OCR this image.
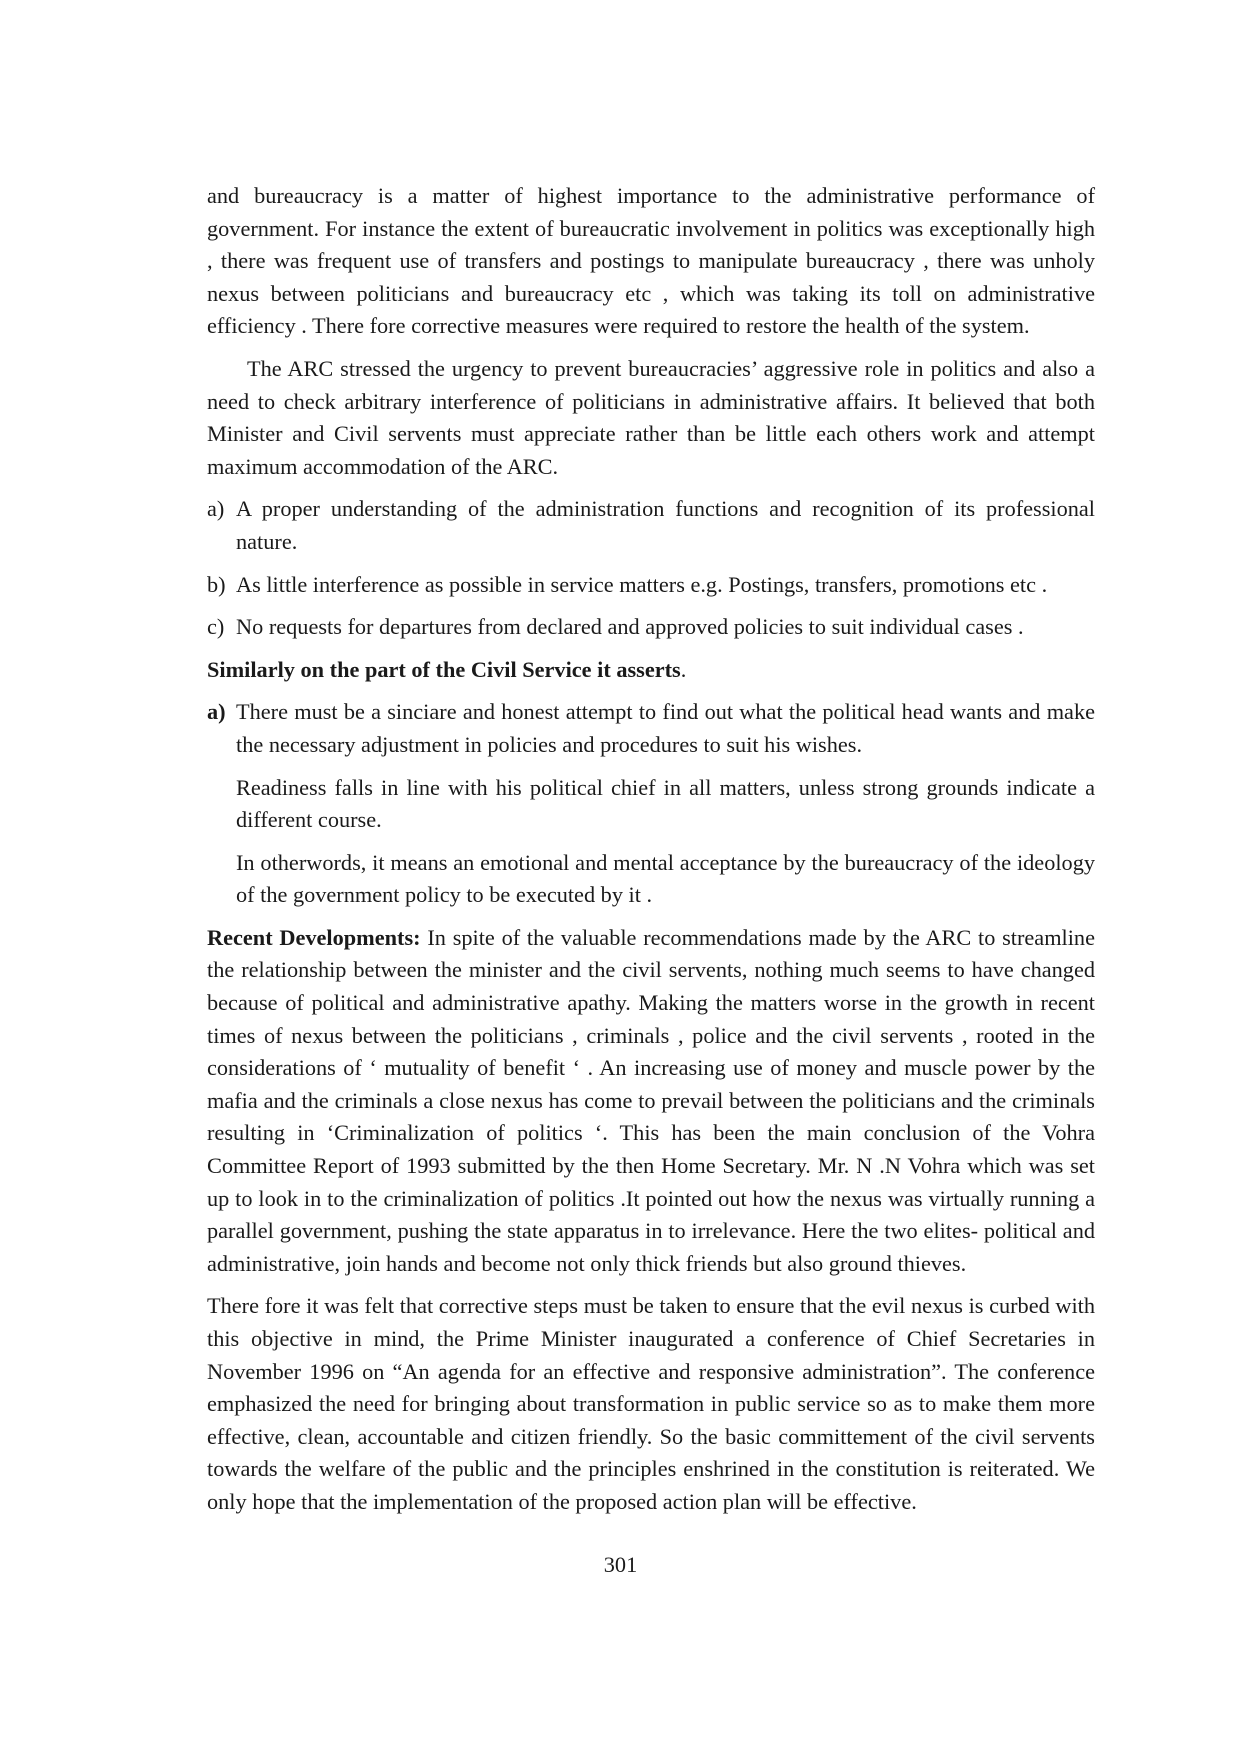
and bureaucracy is a matter of highest importance to the administrative performance of government. For instance the extent of bureaucratic involvement in politics was exceptionally high , there was frequent use of transfers and postings to manipulate bureaucracy , there was unholy nexus between politicians and bureaucracy etc , which was taking its toll on administrative efficiency . There fore corrective measures were required to restore the health of the system.

The ARC stressed the urgency to prevent bureaucracies’ aggressive role in politics and also a need to check arbitrary interference of politicians in administrative affairs. It believed that both Minister and Civil servents must appreciate rather than be little each others work and attempt maximum accommodation of the ARC.

a) A proper understanding of the administration functions and recognition of its professional nature.
b) As little interference as possible in service matters e.g. Postings, transfers, promotions etc .
c) No requests for departures from declared and approved policies to suit individual cases .

Similarly on the part of the Civil Service it asserts.

a) There must be a sinciare and honest attempt to find out what the political head wants and make the necessary adjustment in policies and procedures to suit his wishes.

Readiness falls in line with his political chief in all matters, unless strong grounds indicate a different course.

In otherwords, it means an emotional and mental acceptance by the bureaucracy of the ideology of the government policy to be executed by it .

Recent Developments: In spite of the valuable recommendations made by the ARC to streamline the relationship between the minister and the civil servents, nothing much seems to have changed because of political and administrative apathy. Making the matters worse in the growth in recent times of nexus between the politicians , criminals , police and the civil servents , rooted in the considerations of ‘ mutuality of benefit ‘ . An increasing use of money and muscle power by the mafia and the criminals a close nexus has come to prevail between the politicians and the criminals resulting in ‘Criminalization of politics ‘. This has been the main conclusion of the Vohra Committee Report of 1993 submitted by the then Home Secretary. Mr. N .N Vohra which was set up to look in to the criminalization of politics .It pointed out how the nexus was virtually running a parallel government, pushing the state apparatus in to irrelevance. Here the two elites- political and administrative, join hands and become not only thick friends but also ground thieves.

There fore it was felt that corrective steps must be taken to ensure that the evil nexus is curbed with this objective in mind, the Prime Minister inaugurated a conference of Chief Secretaries in November 1996 on “An agenda for an effective and responsive administration”. The conference emphasized the need for bringing about transformation in public service so as to make them more effective, clean, accountable and citizen friendly. So the basic committement of the civil servents towards the welfare of the public and the principles enshrined in the constitution is reiterated. We only hope that the implementation of the proposed action plan will be effective.

301
